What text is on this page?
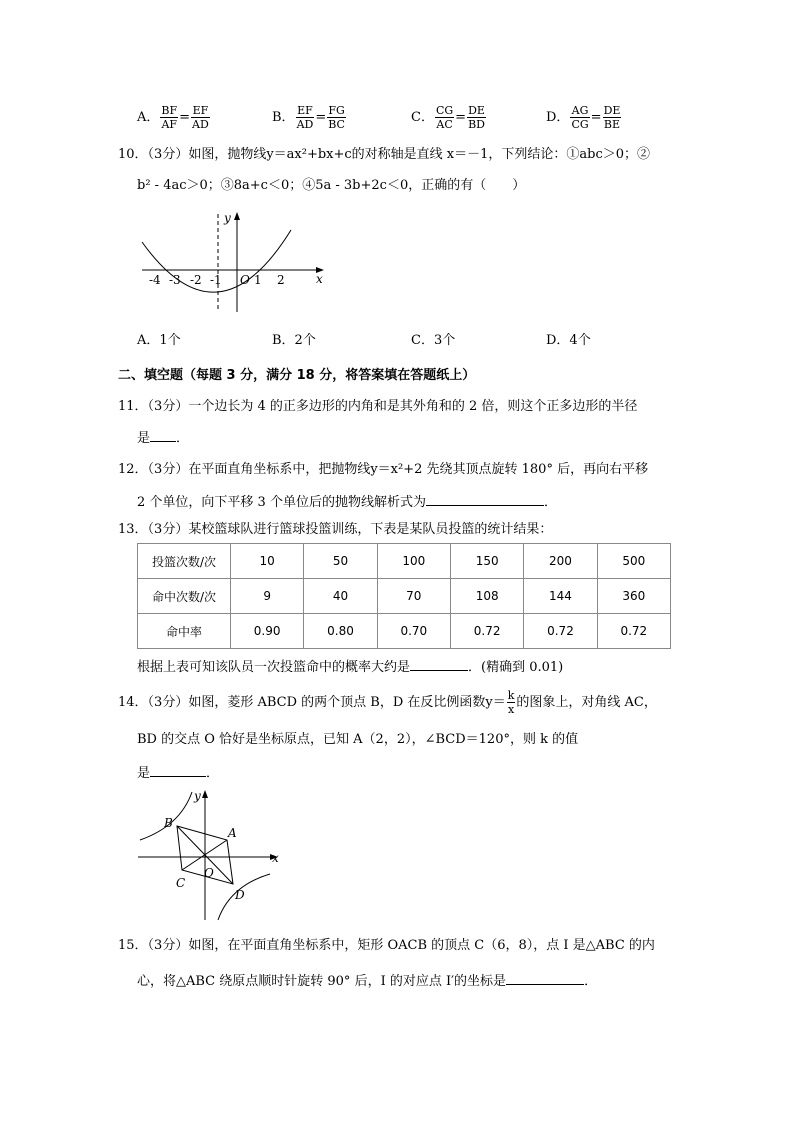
A． $\frac{BF}{AF} = \frac{EF}{AD}$	B． $\frac{EF}{AD} = \frac{FG}{BC}$	C． $\frac{CG}{AC} = \frac{DE}{BD}$	D． $\frac{AG}{CG} = \frac{DE}{BE}$
10．（3分）如图，抛物线y＝ax²+bx+c的对称轴是直线 x＝－1，下列结论：①abc＞0；②
b² - 4ac＞0；③8a+c＜0；④5a - 3b+2c＜0，正确的有（　　）
y
x
-4 -3 -2 -1 O 1 2
A．1个	B．2个	C．3个	D．4个
二、填空题（每题 3 分，满分 18 分，将答案填在答题纸上）
11．（3分）一个边长为 4 的正多边形的内角和是其外角和的 2 倍，则这个正多边形的半径
是 ．
12．（3分）在平面直角坐标系中，把抛物线y＝x²+2 先绕其顶点旋转 180° 后，再向右平移
2 个单位，向下平移 3 个单位后的抛物线解析式为	．
13．（3分）某校篮球队进行篮球投篮训练，下表是某队员投篮的统计结果：
投篮次数/次	10	50	100	150	200	500
命中次数/次	9	40	70	108	144	360
命中率	0.90	0.80	0.70	0.72	0.72	0.72
根据上表可知该队员一次投篮命中的概率大约是	．(精确到 0.01)
14．（3分）如图，菱形 ABCD 的两个顶点 B，D 在反比例函数$y= \frac{k}{x}$ 的图象上，对角线 AC，
BD 的交点 O 恰好是坐标原点，已知 A（2，2），∠BCD＝120°，则 k 的值
是	．
y
x
B
A
O
C
D
15．（3分）如图，在平面直角坐标系中，矩形 OACB 的顶点 C（6，8），点 I 是△ABC 的内
心，将△ABC 绕原点顺时针旋转 90° 后，I 的对应点 I′的坐标是	．
